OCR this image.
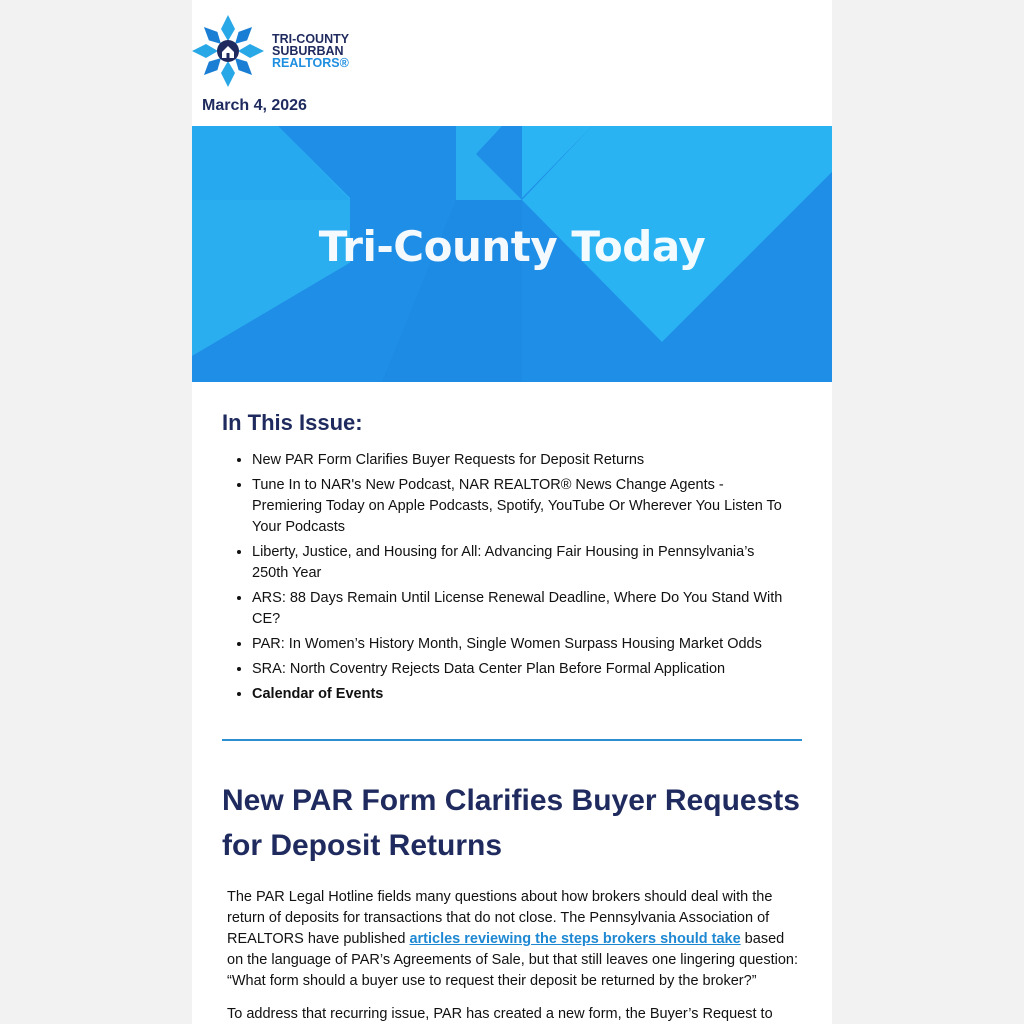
TRI-COUNTY
SUBURBAN
REALTORS®
March 4, 2026
Tri-County Today
In This Issue:
• New PAR Form Clarifies Buyer Requests for Deposit Returns
• Tune In to NAR's New Podcast, NAR REALTOR® News Change Agents - Premiering Today on Apple Podcasts, Spotify, YouTube Or Wherever You Listen To Your Podcasts
• Liberty, Justice, and Housing for All: Advancing Fair Housing in Pennsylvania’s 250th Year
• ARS: 88 Days Remain Until License Renewal Deadline, Where Do You Stand With CE?
• PAR: In Women’s History Month, Single Women Surpass Housing Market Odds
• SRA: North Coventry Rejects Data Center Plan Before Formal Application
• Calendar of Events
New PAR Form Clarifies Buyer Requests for Deposit Returns

The PAR Legal Hotline fields many questions about how brokers should deal with the return of deposits for transactions that do not close. The Pennsylvania Association of REALTORS have published articles reviewing the steps brokers should take based on the language of PAR’s Agreements of Sale, but that still leaves one lingering question: “What form should a buyer use to request their deposit be returned by the broker?”

To address that recurring issue, PAR has created a new form, the Buyer’s Request to
